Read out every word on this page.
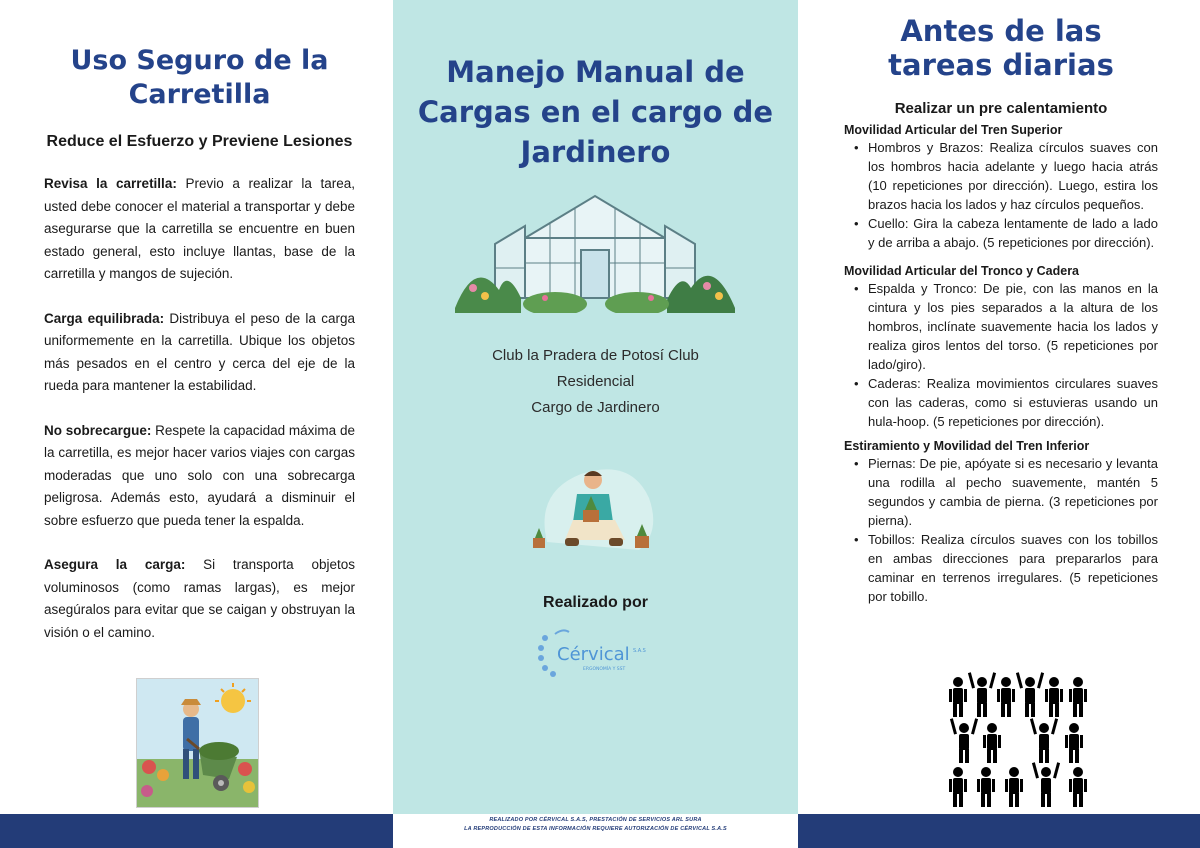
Uso Seguro de la Carretilla
Reduce el Esfuerzo y Previene Lesiones

Revisa la carretilla: Previo a realizar la tarea, usted debe conocer el material a transportar y debe asegurarse que la carretilla se encuentre en buen estado general, esto incluye llantas, base de la carretilla y mangos de sujeción.

Carga equilibrada: Distribuya el peso de la carga uniformemente en la carretilla. Ubique los objetos más pesados en el centro y cerca del eje de la rueda para mantener la estabilidad.

No sobrecargue: Respete la capacidad máxima de la carretilla, es mejor hacer varios viajes con cargas moderadas que uno solo con una sobrecarga peligrosa. Además esto, ayudará a disminuir el sobre esfuerzo que pueda tener la espalda.

Asegura la carga: Si transporta objetos voluminosos (como ramas largas), es mejor asegúralos para evitar que se caigan y obstruyan la visión o el camino.

Manejo Manual de Cargas en el cargo de Jardinero
Club la Pradera de Potosí Club
Residencial
Cargo de Jardinero
Realizado por
Cérvical S.A.S
ERGONOMÍA Y SST
Antes de las tareas diarias
Realizar un pre calentamiento
Movilidad Articular del Tren Superior
• Hombros y Brazos: Realiza círculos suaves con los hombros hacia adelante y luego hacia atrás (10 repeticiones por dirección). Luego, estira los brazos hacia los lados y haz círculos pequeños.
• Cuello: Gira la cabeza lentamente de lado a lado y de arriba a abajo. (5 repeticiones por dirección).
Movilidad Articular del Tronco y Cadera
• Espalda y Tronco: De pie, con las manos en la cintura y los pies separados a la altura de los hombros, inclínate suavemente hacia los lados y realiza giros lentos del torso. (5 repeticiones por lado/giro).
• Caderas: Realiza movimientos circulares suaves con las caderas, como si estuvieras usando un hula-hoop. (5 repeticiones por dirección).
Estiramiento y Movilidad del Tren Inferior
• Piernas: De pie, apóyate si es necesario y levanta una rodilla al pecho suavemente, mantén 5 segundos y cambia de pierna. (3 repeticiones por pierna).
• Tobillos: Realiza círculos suaves con los tobillos en ambas direcciones para prepararlos para caminar en terrenos irregulares. (5 repeticiones por tobillo.
REALIZADO POR CÉRVICAL S.A.S, PRESTACIÓN DE SERVICIOS ARL SURA
LA REPRODUCCIÓN DE ESTA INFORMACIÓN REQUIERE AUTORIZACIÓN DE CÉRVICAL S.A.S
